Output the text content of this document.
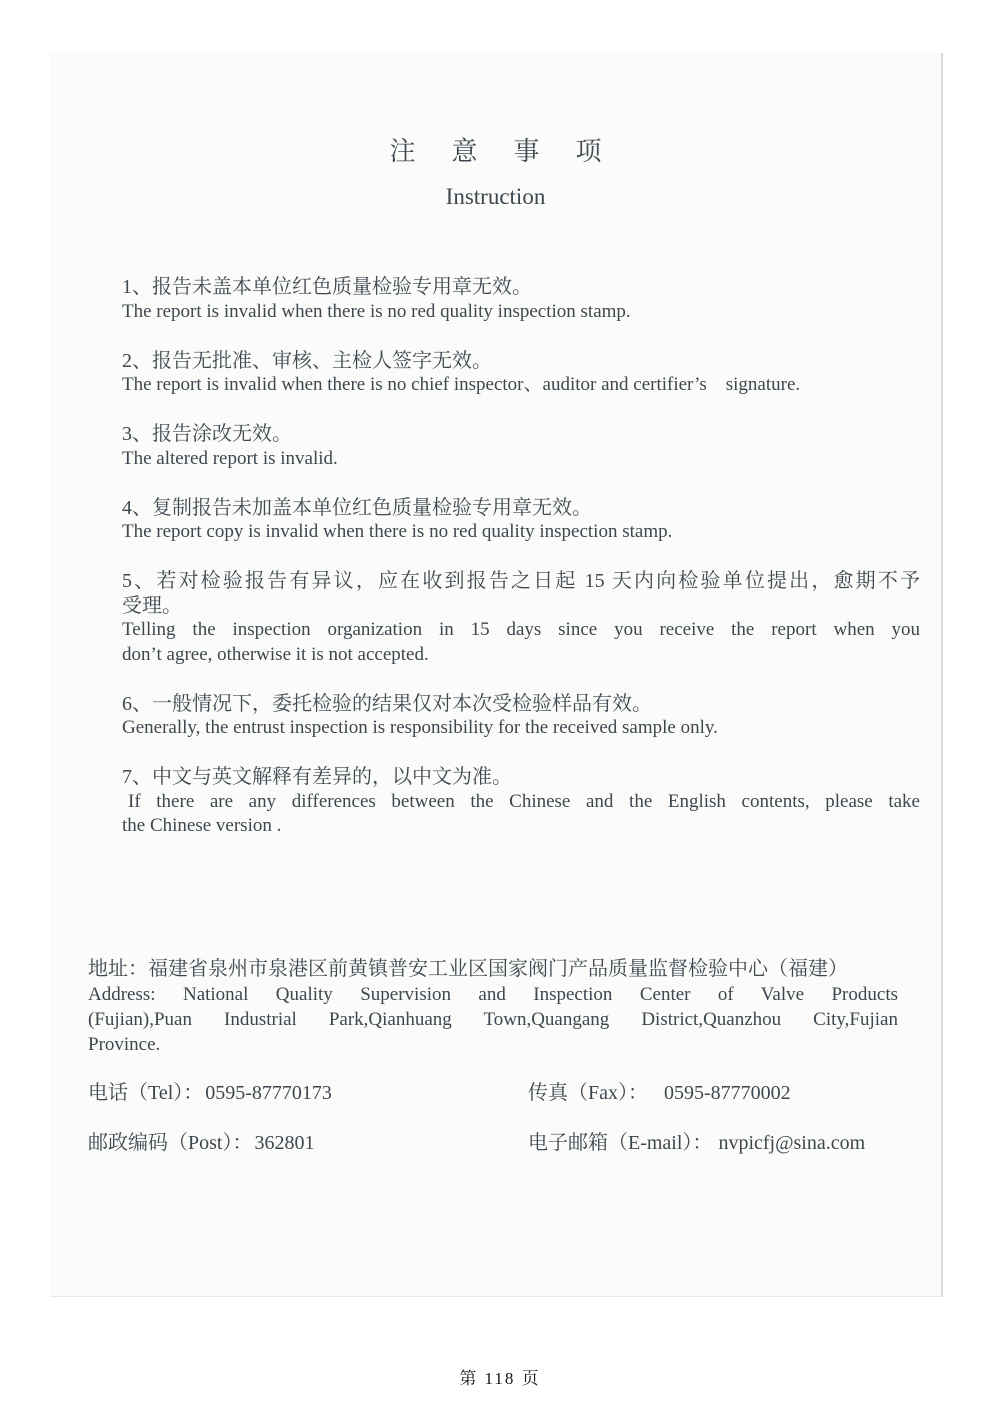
注意事项

Instruction

1、报告未盖本单位红色质量检验专用章无效。

The report is invalid when there is no red quality inspection stamp.

2、报告无批准、审核、主检人签字无效。

The report is invalid when there is no chief inspector、auditor and certifier’s　signature.

3、报告涂改无效。

The altered report is invalid.

4、复制报告未加盖本单位红色质量检验专用章无效。

The report copy is invalid when there is no red quality inspection stamp.

5、若对检验报告有异议，应在收到报告之日起 15 天内向检验单位提出，愈期不予

受理。

Telling the inspection organization in 15 days since you receive the report when you

don’t agree, otherwise it is not accepted.

6、一般情况下，委托检验的结果仅对本次受检验样品有效。

Generally, the entrust inspection is responsibility for the received sample only.

7、中文与英文解释有差异的，以中文为准。

If there are any differences between the Chinese and the English contents, please take

the Chinese version .

地址：福建省泉州市泉港区前黄镇普安工业区国家阀门产品质量监督检验中心（福建）

Address: National Quality Supervision and Inspection Center of Valve Products

(Fujian),Puan Industrial Park,Qianhuang Town,Quangang District,Quanzhou City,Fujian

Province.

电话（Tel）： 0595-87770173	传真（Fax）： 0595-87770002
邮政编码（Post）： 362801	电子邮箱（E-mail）： nvpicfj@sina.com
第 118 页
